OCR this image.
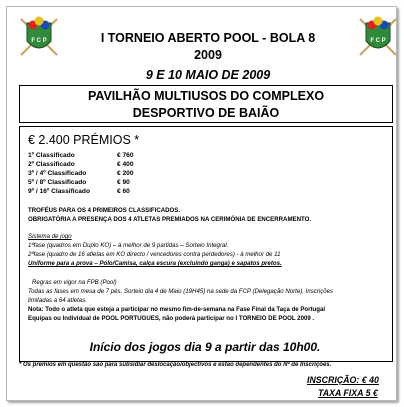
F C P	F C P
I TORNEIO ABERTO POOL - BOLA 8
2009
9 E 10 MAIO DE 2009
PAVILHÃO MULTIUSOS DO COMPLEXO
DESPORTIVO DE BAIÃO
€ 2.400 PRÉMIOS *
1º Classificado	€ 760
2º Classificado	€ 400
3º / 4º Classificado	€ 200
5º / 8º Classificado	€ 90
9º / 16º Classificado	€ 60
TROFÉUS PARA OS 4 PRIMEIROS CLASSIFICADOS.
OBRIGATÓRIA A PRESENÇA DOS 4 ATLETAS PREMIADOS NA CERIMÓNIA DE ENCERRAMENTO.
Sistema de jogo
1ªfase (quadros em Duplo KO) – à melhor de 9 partidas – Sorteio Integral.
2ªfase (quadro de 16 atletas em KO directo / vencedores contra perdedores) - à melhor de 11
Uniforme para a prova – Pólo/Camisa, calça escura (excluindo ganga) e sapatos pretos.
Regras em vigor na FPB (Pool)
Todas as fases em mesa de 7 pés. Sorteio dia 4 de Maio (19H45) na sede da FCP (Delegação Norte). Inscrições
limitadas a 64 atletas.
Nota: Todo o atleta que esteja a participar no mesmo fim-de-semana na Fase Final da Taça de Portugal
Equipas ou Individual de POOL PORTUGUES, não poderá participar no I TORNEIO DE POOL 2009 .
Início dos jogos dia 9 a partir das 10h00.
* Os prémios em questão são para subsidiar deslocação/objectivos e estão dependentes do Nº de Inscrições.
INSCRIÇÃO: € 40
TAXA FIXA 5 €
